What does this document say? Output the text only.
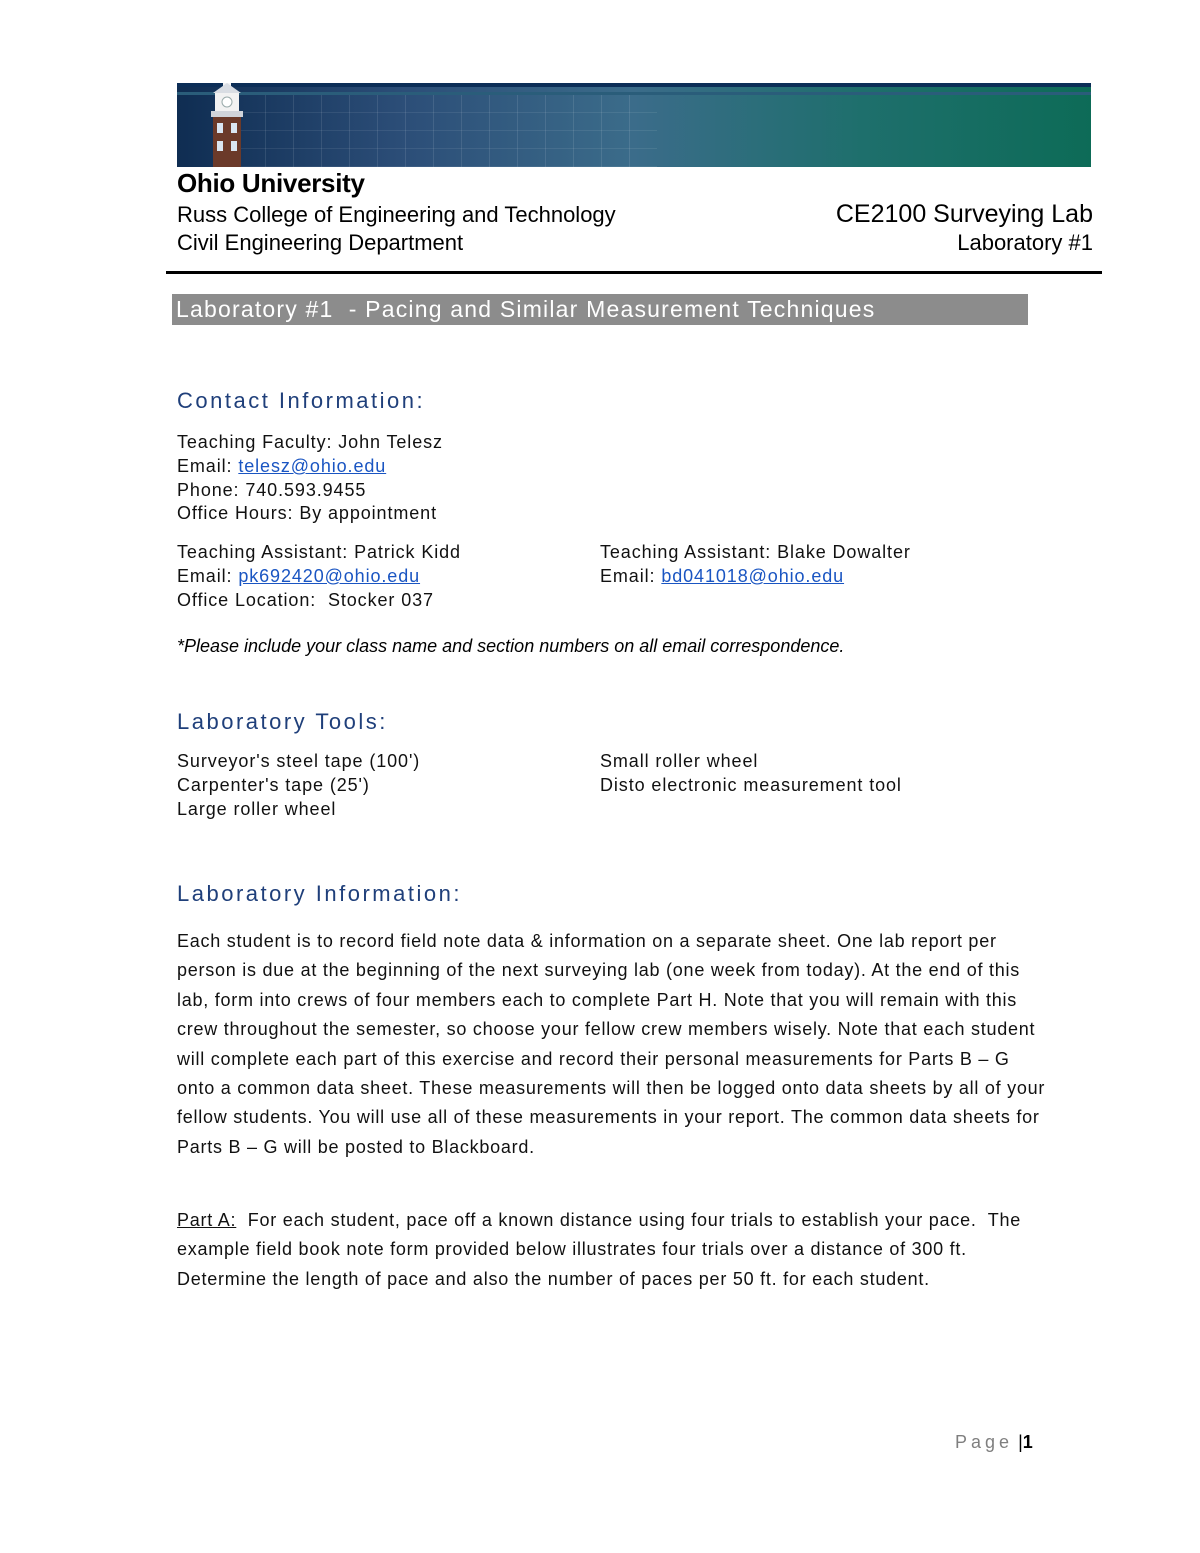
Ohio University
Russ College of Engineering and Technology
Civil Engineering Department
CE2100 Surveying Lab
Laboratory #1
Laboratory #1  - Pacing and Similar Measurement Techniques
Contact Information:
Teaching Faculty: John Telesz
Email: telesz@ohio.edu
Phone: 740.593.9455
Office Hours: By appointment
Teaching Assistant: Patrick Kidd
Email: pk692420@ohio.edu
Office Location: Stocker 037
Teaching Assistant: Blake Dowalter
Email: bd041018@ohio.edu
*Please include your class name and section numbers on all email correspondence.
Laboratory Tools:
Surveyor's steel tape (100')
Carpenter's tape (25')
Large roller wheel
Small roller wheel
Disto electronic measurement tool
Laboratory Information:
Each student is to record field note data & information on a separate sheet. One lab report per person is due at the beginning of the next surveying lab (one week from today). At the end of this lab, form into crews of four members each to complete Part H. Note that you will remain with this crew throughout the semester, so choose your fellow crew members wisely. Note that each student will complete each part of this exercise and record their personal measurements for Parts B – G onto a common data sheet. These measurements will then be logged onto data sheets by all of your fellow students. You will use all of these measurements in your report. The common data sheets for Parts B – G will be posted to Blackboard.
Part A:  For each student, pace off a known distance using four trials to establish your pace.  The example field book note form provided below illustrates four trials over a distance of 300 ft.  Determine the length of pace and also the number of paces per 50 ft. for each student.
Page |1
